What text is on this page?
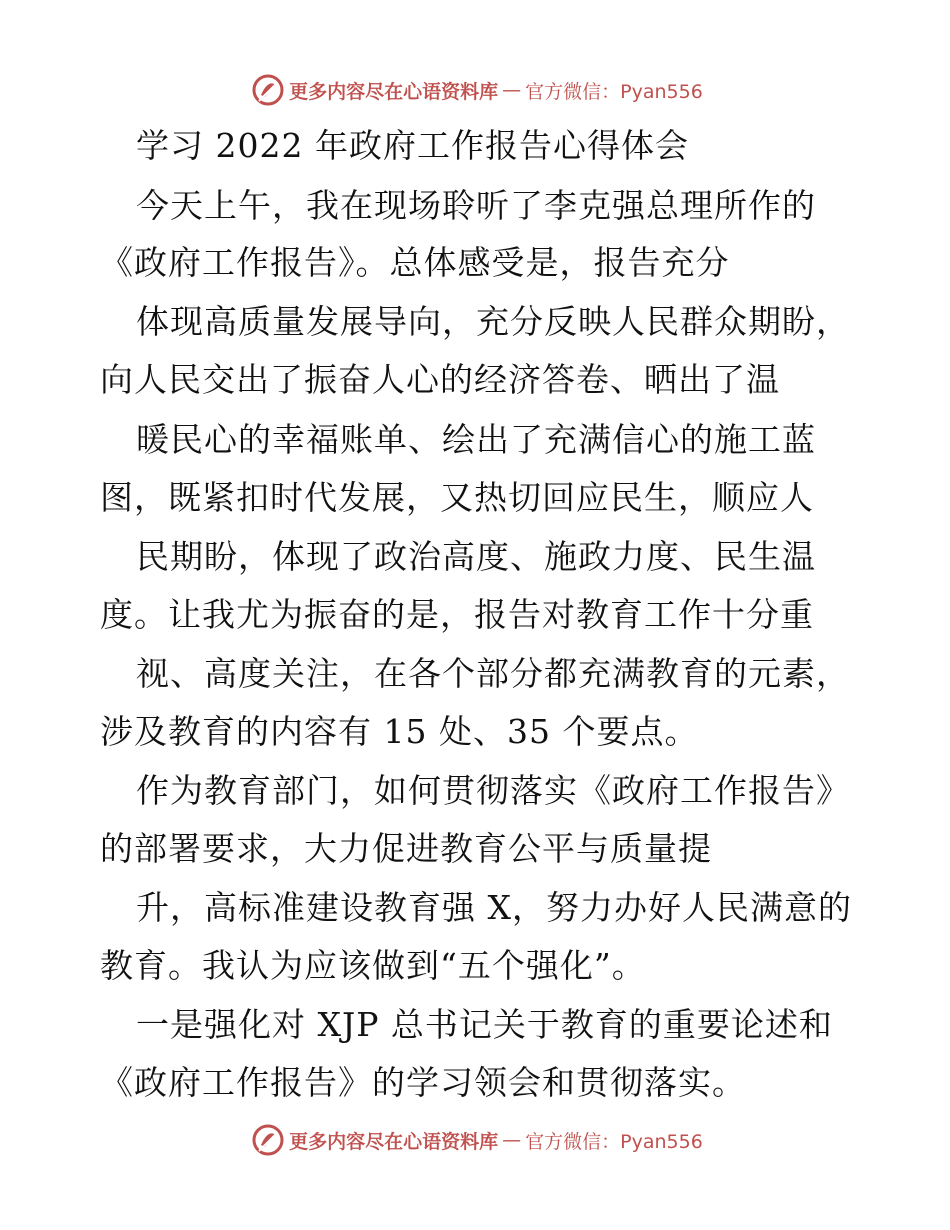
更多内容尽在心语资料库 — 官方微信：Pyan556
学习 2022 年政府工作报告心得体会
今天上午，我在现场聆听了李克强总理所作的
《政府工作报告》。总体感受是，报告充分
体现高质量发展导向，充分反映人民群众期盼，
向人民交出了振奋人心的经济答卷、晒出了温
暖民心的幸福账单、绘出了充满信心的施工蓝
图，既紧扣时代发展，又热切回应民生，顺应人
民期盼，体现了政治高度、施政力度、民生温
度。让我尤为振奋的是，报告对教育工作十分重
视、高度关注，在各个部分都充满教育的元素，
涉及教育的内容有 15 处、35 个要点。
作为教育部门，如何贯彻落实《政府工作报告》
的部署要求，大力促进教育公平与质量提
升，高标准建设教育强 X，努力办好人民满意的
教育。我认为应该做到“五个强化”。
一是强化对 XJP 总书记关于教育的重要论述和
《政府工作报告》的学习领会和贯彻落实。
更多内容尽在心语资料库 — 官方微信：Pyan556
